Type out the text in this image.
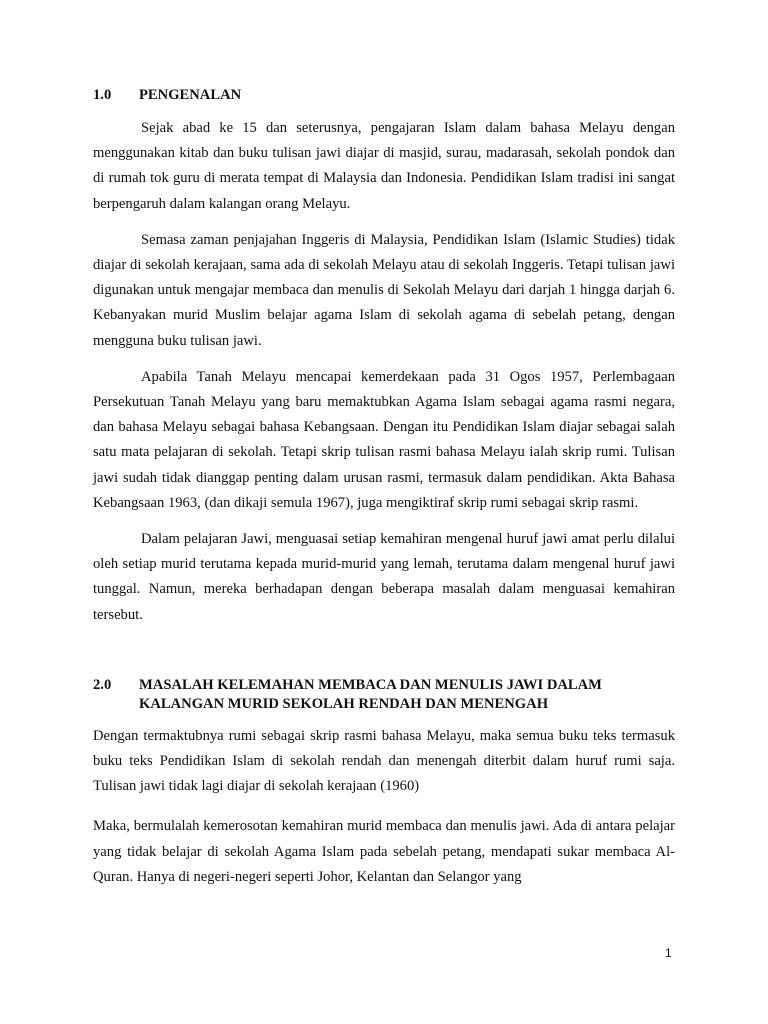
1.0	PENGENALAN

Sejak abad ke 15 dan seterusnya, pengajaran Islam dalam bahasa Melayu dengan menggunakan kitab dan buku tulisan jawi diajar di masjid, surau, madarasah, sekolah pondok dan di rumah tok guru di merata tempat di Malaysia dan Indonesia. Pendidikan Islam tradisi ini sangat berpengaruh dalam kalangan orang Melayu.

Semasa zaman penjajahan Inggeris di Malaysia, Pendidikan Islam (Islamic Studies) tidak diajar di sekolah kerajaan, sama ada di sekolah Melayu atau di sekolah Inggeris. Tetapi tulisan jawi digunakan untuk mengajar membaca dan menulis di Sekolah Melayu dari darjah 1 hingga darjah 6. Kebanyakan murid Muslim belajar agama Islam di sekolah agama di sebelah petang, dengan mengguna buku tulisan jawi.

Apabila Tanah Melayu mencapai kemerdekaan pada 31 Ogos 1957, Perlembagaan Persekutuan Tanah Melayu yang baru memaktubkan Agama Islam sebagai agama rasmi negara, dan bahasa Melayu sebagai bahasa Kebangsaan. Dengan itu Pendidikan Islam diajar sebagai salah satu mata pelajaran di sekolah. Tetapi skrip tulisan rasmi bahasa Melayu ialah skrip rumi. Tulisan jawi sudah tidak dianggap penting dalam urusan rasmi, termasuk dalam pendidikan. Akta Bahasa Kebangsaan 1963, (dan dikaji semula 1967), juga mengiktiraf skrip rumi sebagai skrip rasmi.

Dalam pelajaran Jawi, menguasai setiap kemahiran mengenal huruf jawi amat perlu dilalui oleh setiap murid terutama kepada murid-murid yang lemah, terutama dalam mengenal huruf jawi tunggal. Namun, mereka berhadapan dengan beberapa masalah dalam menguasai kemahiran tersebut.

2.0	MASALAH KELEMAHAN MEMBACA DAN MENULIS JAWI DALAM KALANGAN MURID SEKOLAH RENDAH DAN MENENGAH

Dengan termaktubnya rumi sebagai skrip rasmi bahasa Melayu, maka semua buku teks termasuk buku teks Pendidikan Islam di sekolah rendah dan menengah diterbit dalam huruf rumi saja. Tulisan jawi tidak lagi diajar di sekolah kerajaan (1960)

Maka, bermulalah kemerosotan kemahiran murid membaca dan menulis jawi. Ada di antara pelajar yang tidak belajar di sekolah Agama Islam pada sebelah petang, mendapati sukar membaca Al-Quran. Hanya di negeri-negeri seperti Johor, Kelantan dan Selangor yang

1
